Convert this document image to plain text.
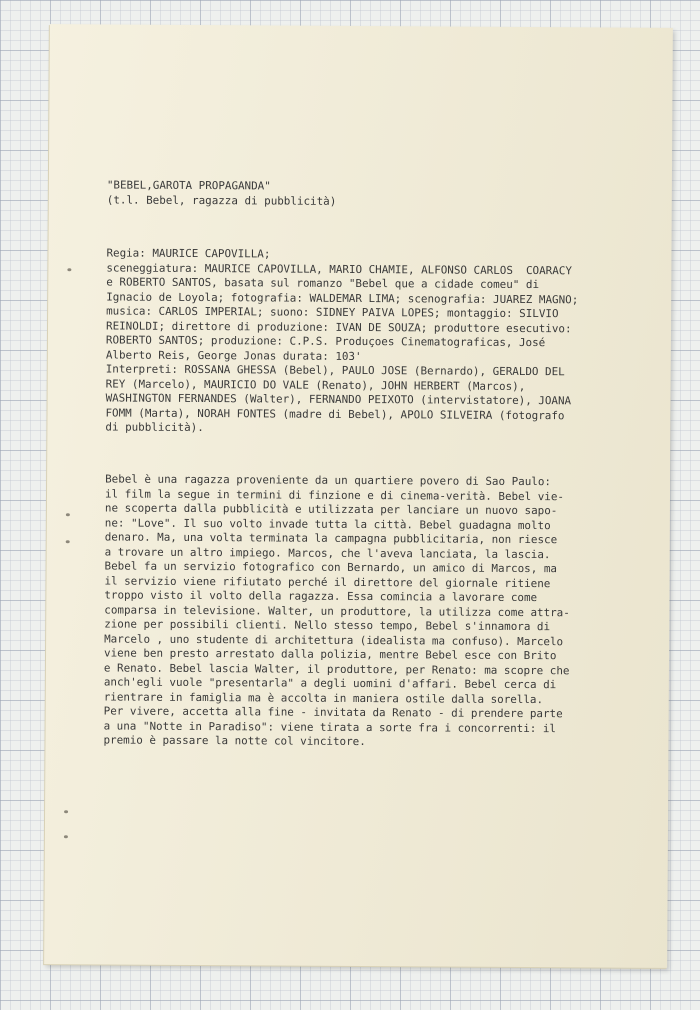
"BEBEL,GAROTA PROPAGANDA"
(t.l. Bebel, ragazza di pubblicità)
Regia: MAURICE CAPOVILLA;
sceneggiatura: MAURICE CAPOVILLA, MARIO CHAMIE, ALFONSO CARLOS  COARACY
e ROBERTO SANTOS, basata sul romanzo "Bebel que a cidade comeu" di
Ignacio de Loyola; fotografia: WALDEMAR LIMA; scenografia: JUAREZ MAGNO;
musica: CARLOS IMPERIAL; suono: SIDNEY PAIVA LOPES; montaggio: SILVIO
REINOLDI; direttore di produzione: IVAN DE SOUZA; produttore esecutivo:
ROBERTO SANTOS; produzione: C.P.S. Produçoes Cinematograficas, José
Alberto Reis, George Jonas durata: 103'
Interpreti: ROSSANA GHESSA (Bebel), PAULO JOSE (Bernardo), GERALDO DEL
REY (Marcelo), MAURICIO DO VALE (Renato), JOHN HERBERT (Marcos),
WASHINGTON FERNANDES (Walter), FERNANDO PEIXOTO (intervistatore), JOANA
FOMM (Marta), NORAH FONTES (madre di Bebel), APOLO SILVEIRA (fotografo
di pubblicità).
Bebel è una ragazza proveniente da un quartiere povero di Sao Paulo:
il film la segue in termini di finzione e di cinema-verità. Bebel vie-
ne scoperta dalla pubblicità e utilizzata per lanciare un nuovo sapo-
ne: "Love". Il suo volto invade tutta la città. Bebel guadagna molto
denaro. Ma, una volta terminata la campagna pubblicitaria, non riesce
a trovare un altro impiego. Marcos, che l'aveva lanciata, la lascia.
Bebel fa un servizio fotografico con Bernardo, un amico di Marcos, ma
il servizio viene rifiutato perché il direttore del giornale ritiene
troppo visto il volto della ragazza. Essa comincia a lavorare come
comparsa in televisione. Walter, un produttore, la utilizza come attra-
zione per possibili clienti. Nello stesso tempo, Bebel s'innamora di
Marcelo , uno studente di architettura (idealista ma confuso). Marcelo
viene ben presto arrestato dalla polizia, mentre Bebel esce con Brito
e Renato. Bebel lascia Walter, il produttore, per Renato: ma scopre che
anch'egli vuole "presentarla" a degli uomini d'affari. Bebel cerca di
rientrare in famiglia ma è accolta in maniera ostile dalla sorella.
Per vivere, accetta alla fine - invitata da Renato - di prendere parte
a una "Notte in Paradiso": viene tirata a sorte fra i concorrenti: il
premio è passare la notte col vincitore.
